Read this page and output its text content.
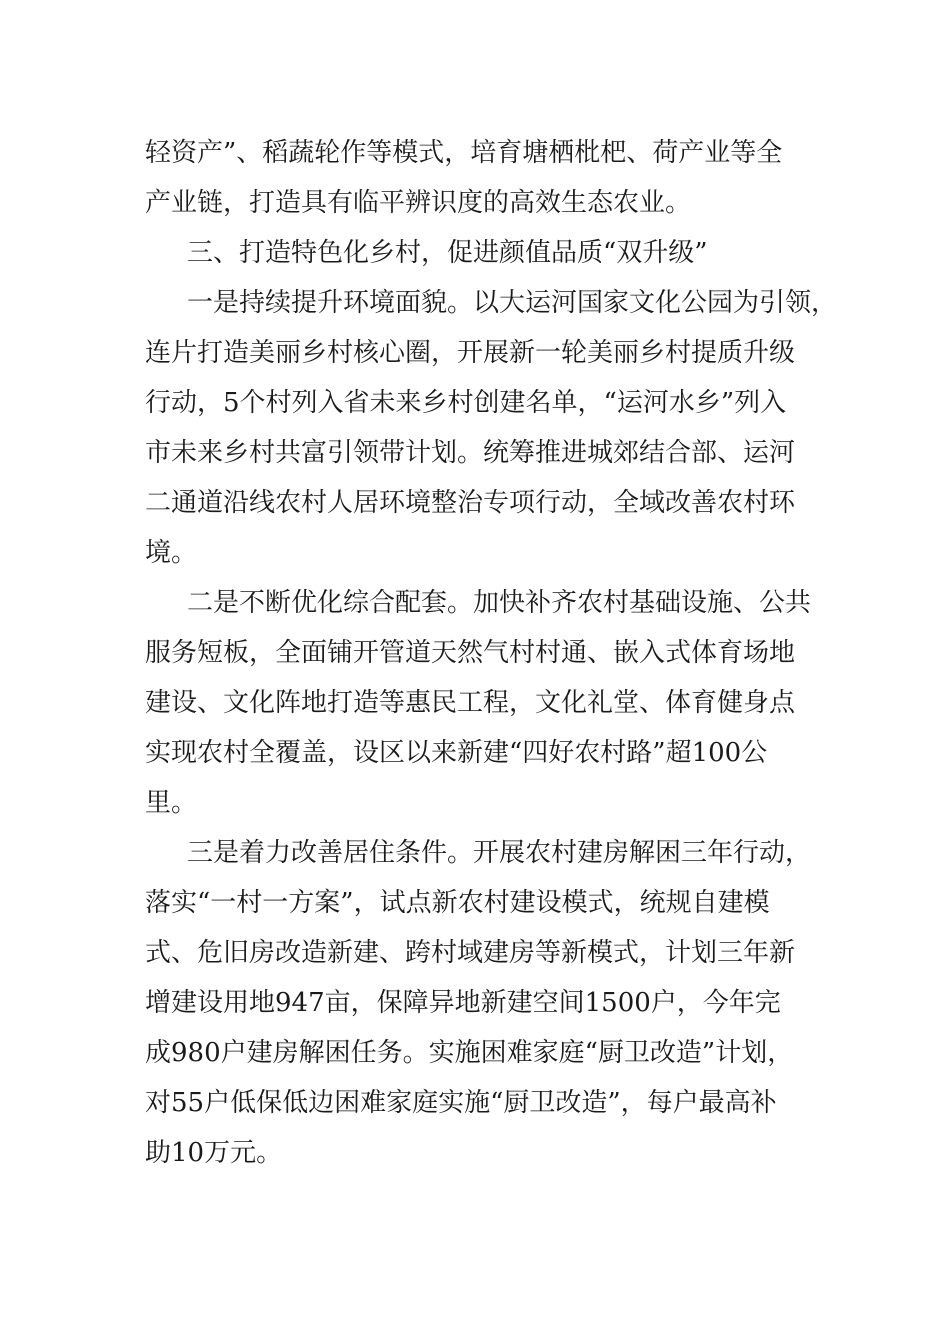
轻资产”、稻蔬轮作等模式，培育塘栖枇杷、荷产业等全
产业链，打造具有临平辨识度的高效生态农业。
三、打造特色化乡村，促进颜值品质“双升级”
一是持续提升环境面貌。以大运河国家文化公园为引领，
连片打造美丽乡村核心圈，开展新一轮美丽乡村提质升级
行动，5个村列入省未来乡村创建名单，“运河水乡”列入
市未来乡村共富引领带计划。统筹推进城郊结合部、运河
二通道沿线农村人居环境整治专项行动，全域改善农村环
境。
二是不断优化综合配套。加快补齐农村基础设施、公共
服务短板，全面铺开管道天然气村村通、嵌入式体育场地
建设、文化阵地打造等惠民工程，文化礼堂、体育健身点
实现农村全覆盖，设区以来新建“四好农村路”超100公
里。
三是着力改善居住条件。开展农村建房解困三年行动，
落实“一村一方案”，试点新农村建设模式，统规自建模
式、危旧房改造新建、跨村域建房等新模式，计划三年新
增建设用地947亩，保障异地新建空间1500户，今年完
成980户建房解困任务。实施困难家庭“厨卫改造”计划，
对55户低保低边困难家庭实施“厨卫改造”，每户最高补
助10万元。
